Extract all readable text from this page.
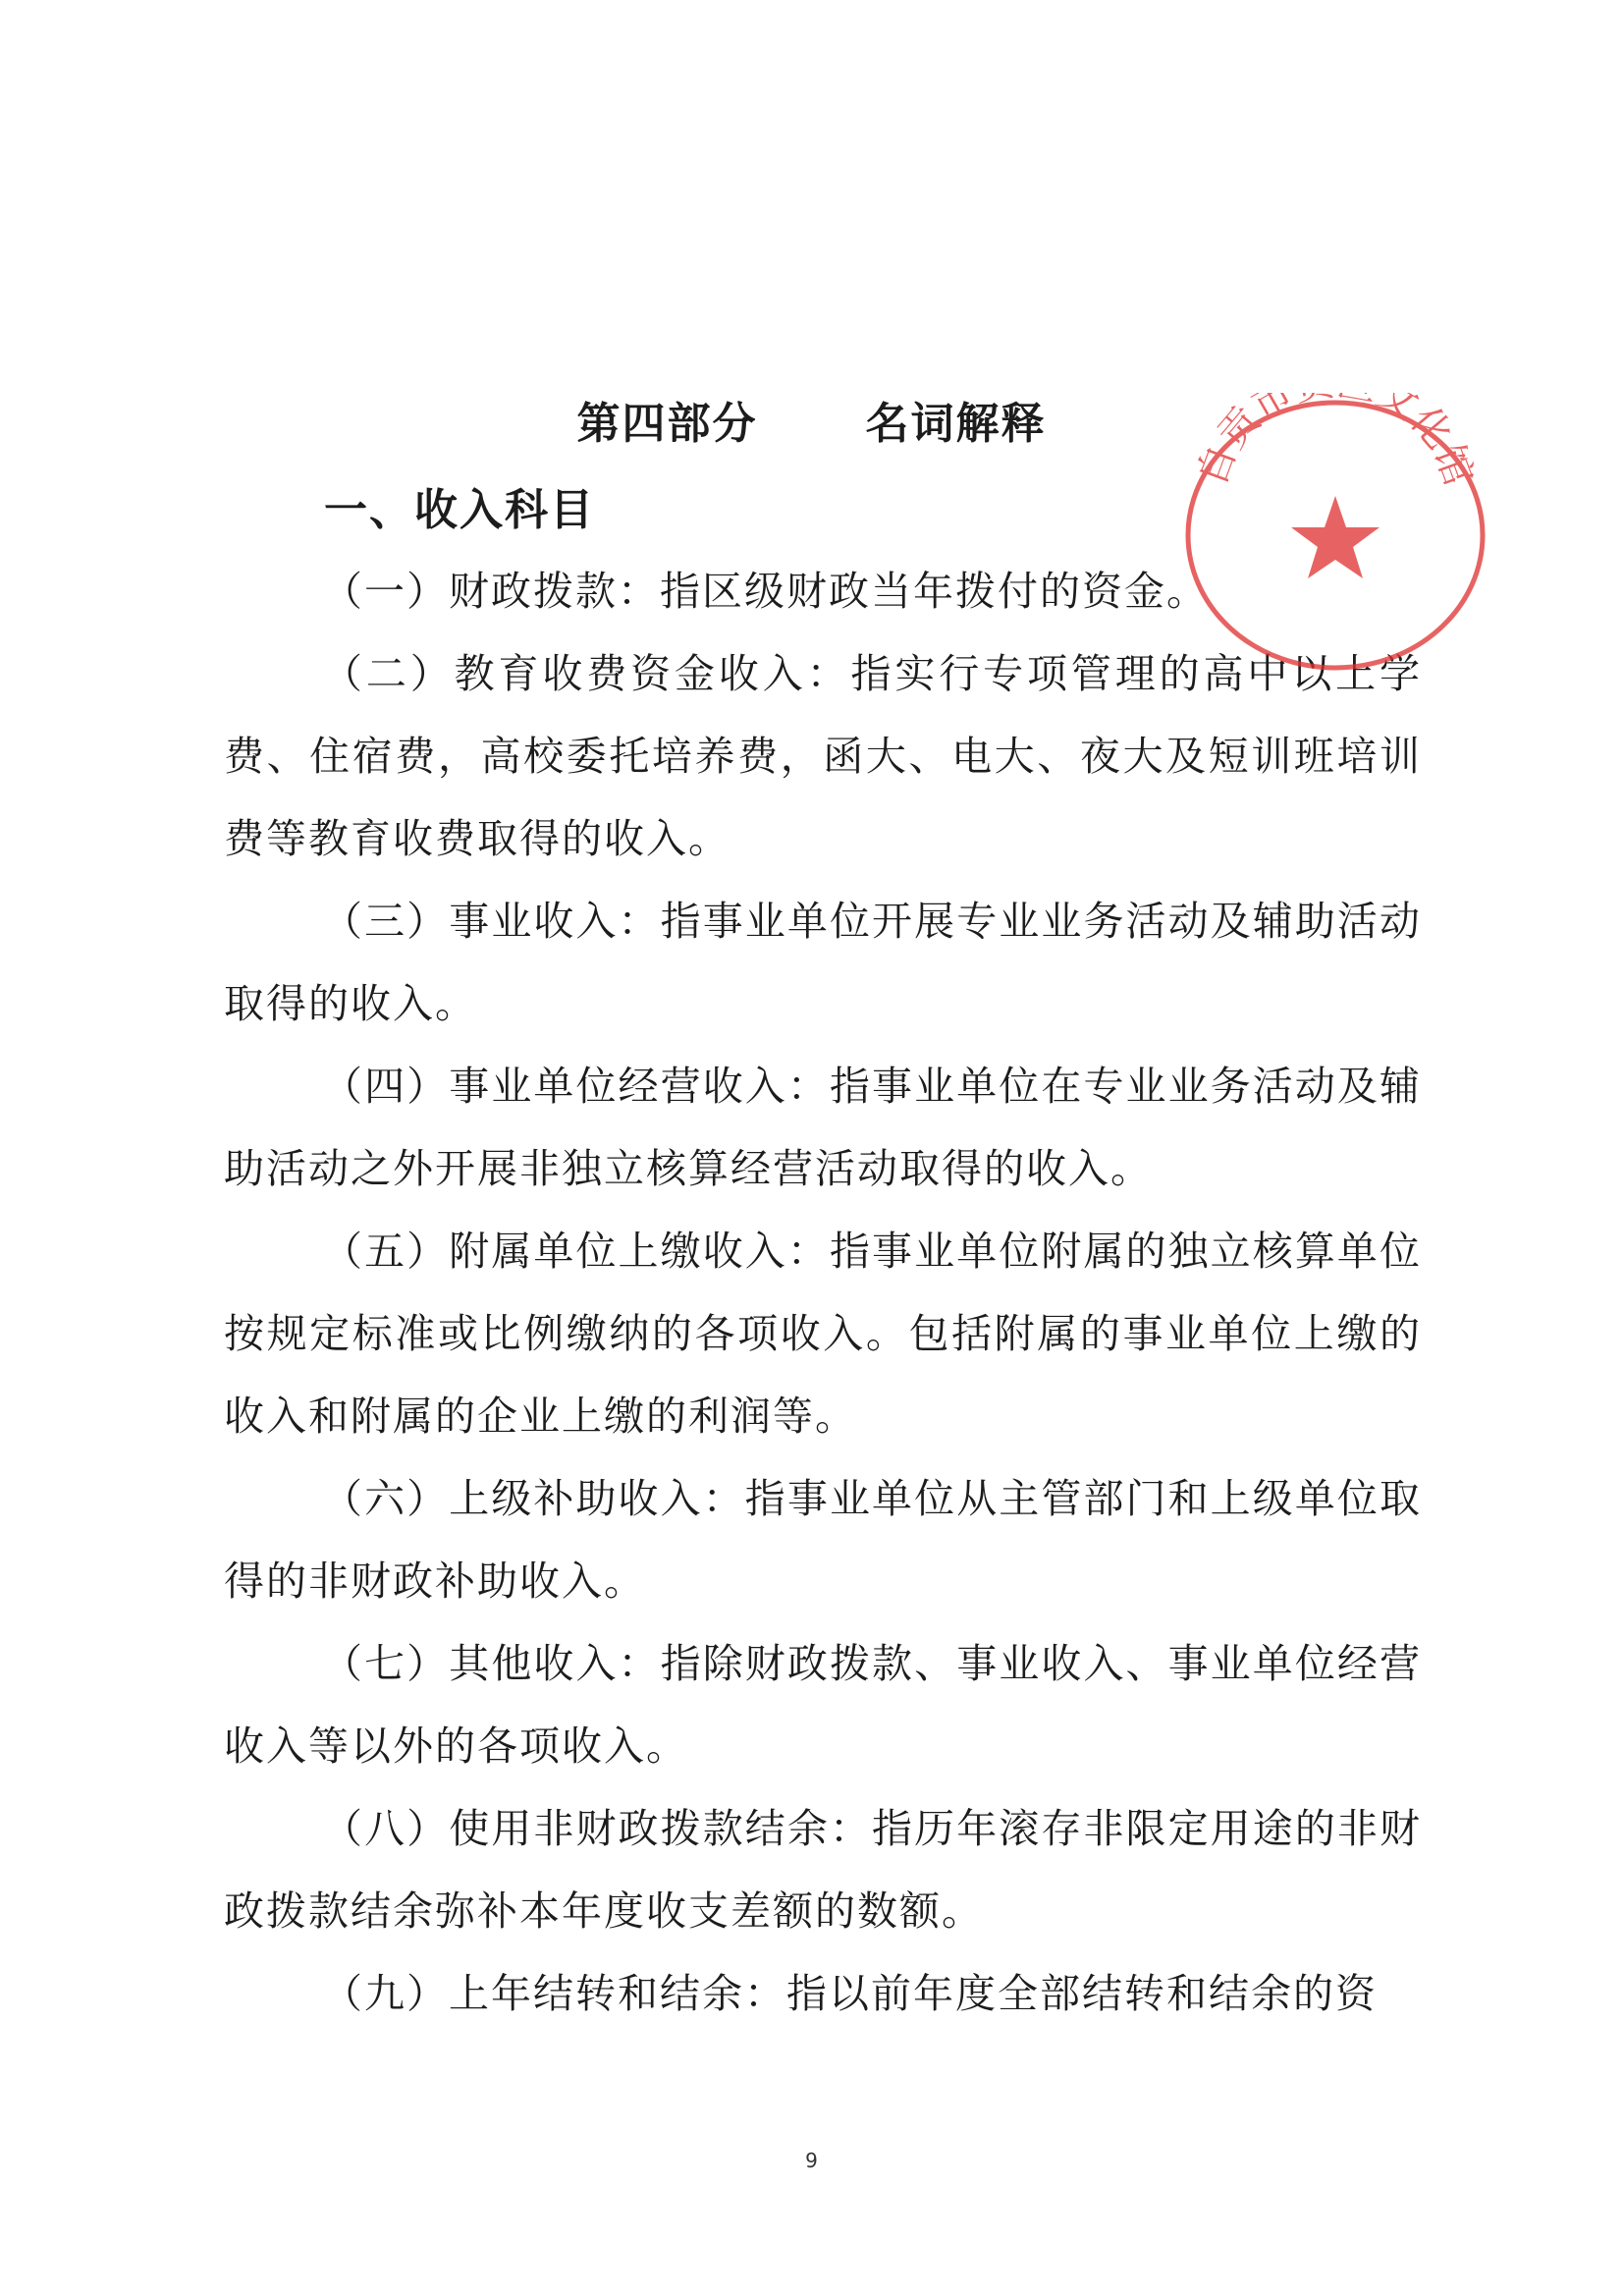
第四部分	名词解释
一、收入科目

（一）财政拨款：指区级财政当年拨付的资金。

（二）教育收费资金收入：指实行专项管理的高中以上学费、住宿费，高校委托培养费，函大、电大、夜大及短训班培训费等教育收费取得的收入。

（三）事业收入：指事业单位开展专业业务活动及辅助活动取得的收入。

（四）事业单位经营收入：指事业单位在专业业务活动及辅助活动之外开展非独立核算经营活动取得的收入。

（五）附属单位上缴收入：指事业单位附属的独立核算单位按规定标准或比例缴纳的各项收入。包括附属的事业单位上缴的收入和附属的企业上缴的利润等。

（六）上级补助收入：指事业单位从主管部门和上级单位取得的非财政补助收入。

（七）其他收入：指除财政拨款、事业收入、事业单位经营收入等以外的各项收入。

（八）使用非财政拨款结余：指历年滚存非限定用途的非财政拨款结余弥补本年度收支差额的数额。

（九）上年结转和结余：指以前年度全部结转和结余的资

自贡市 文化馆
9
